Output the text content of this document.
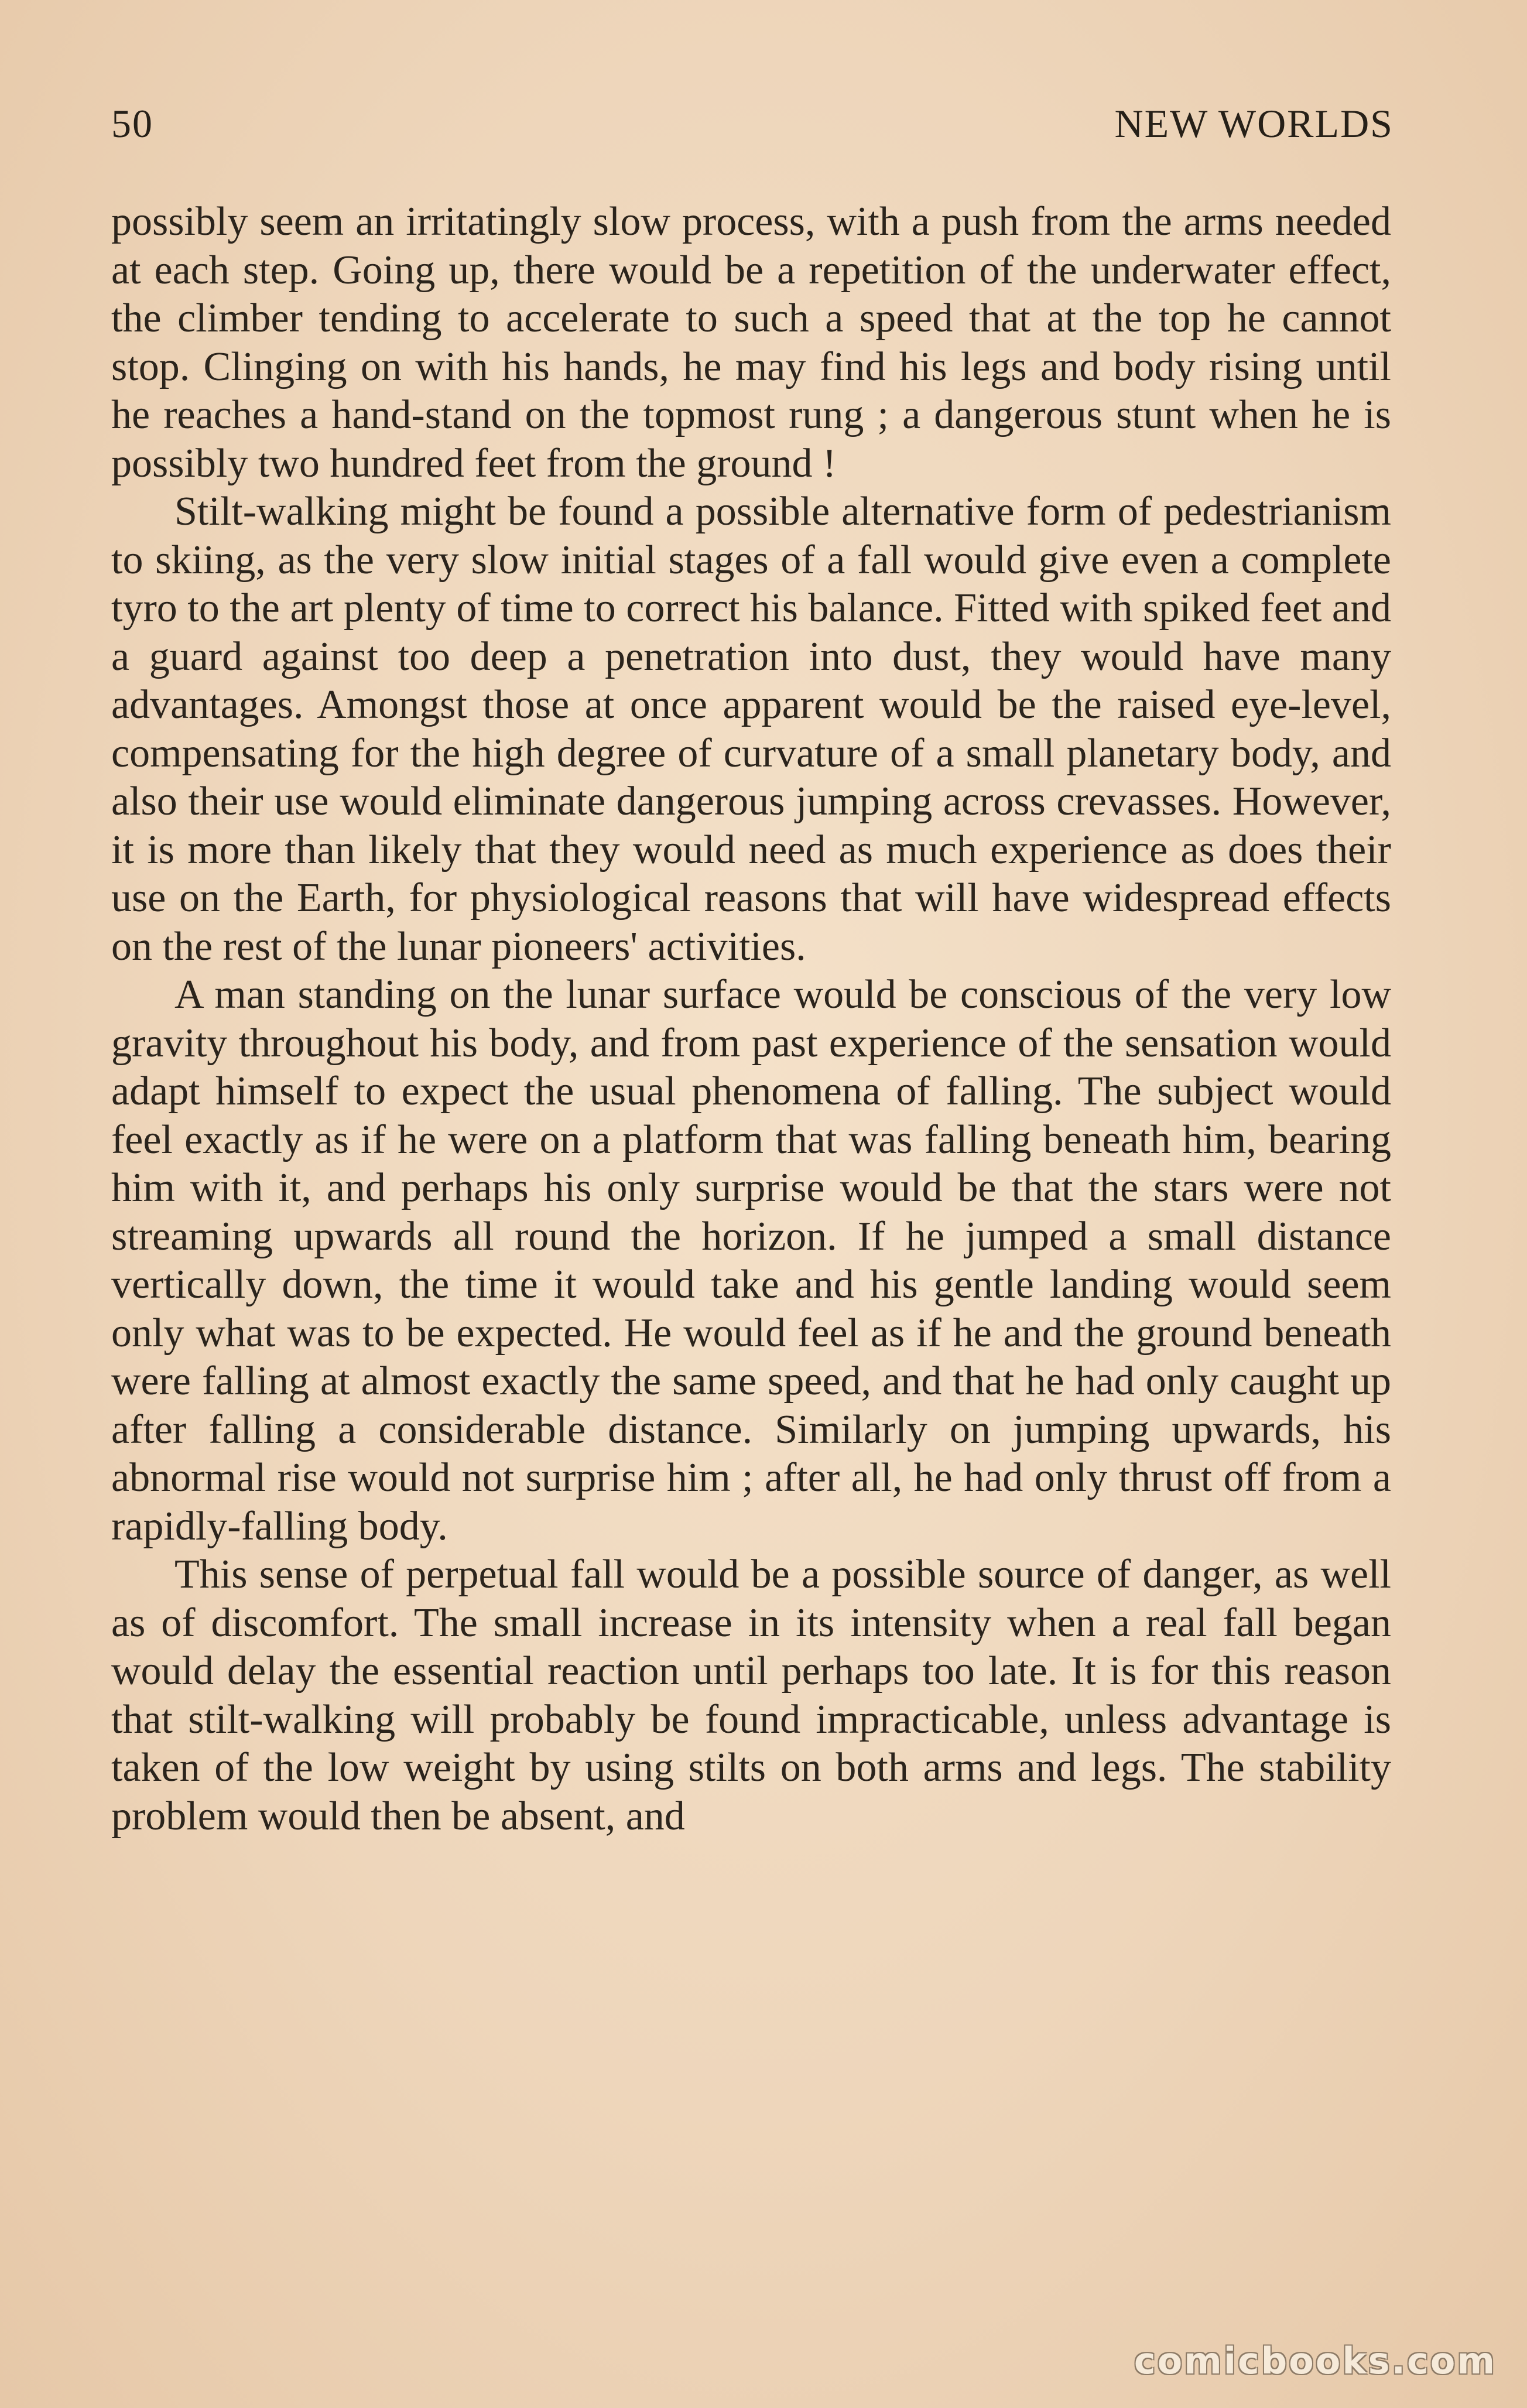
50	NEW WORLDS

possibly seem an irritatingly slow process, with a push from the arms needed at each step. Going up, there would be a repetition of the underwater effect, the climber tending to accelerate to such a speed that at the top he cannot stop. Clinging on with his hands, he may find his legs and body rising until he reaches a hand-stand on the topmost rung ; a dangerous stunt when he is possibly two hundred feet from the ground !

Stilt-walking might be found a possible alternative form of pedestrianism to skiing, as the very slow initial stages of a fall would give even a complete tyro to the art plenty of time to correct his balance. Fitted with spiked feet and a guard against too deep a penetration into dust, they would have many advantages. Amongst those at once apparent would be the raised eye-level, compensating for the high degree of curvature of a small planetary body, and also their use would eliminate dangerous jumping across crevasses. However, it is more than likely that they would need as much experience as does their use on the Earth, for physiological reasons that will have widespread effects on the rest of the lunar pioneers' activities.

A man standing on the lunar surface would be conscious of the very low gravity throughout his body, and from past experience of the sensation would adapt himself to expect the usual phenomena of falling. The subject would feel exactly as if he were on a platform that was falling beneath him, bearing him with it, and perhaps his only surprise would be that the stars were not streaming upwards all round the horizon. If he jumped a small distance vertically down, the time it would take and his gentle landing would seem only what was to be expected. He would feel as if he and the ground beneath were falling at almost exactly the same speed, and that he had only caught up after falling a considerable distance. Similarly on jumping upwards, his abnormal rise would not surprise him ; after all, he had only thrust off from a rapidly-falling body.

This sense of perpetual fall would be a possible source of danger, as well as of discomfort. The small increase in its intensity when a real fall began would delay the essential reaction until perhaps too late. It is for this reason that stilt-walking will probably be found impracticable, unless advantage is taken of the low weight by using stilts on both arms and legs. The stability problem would then be absent, and

comicbooks.com
